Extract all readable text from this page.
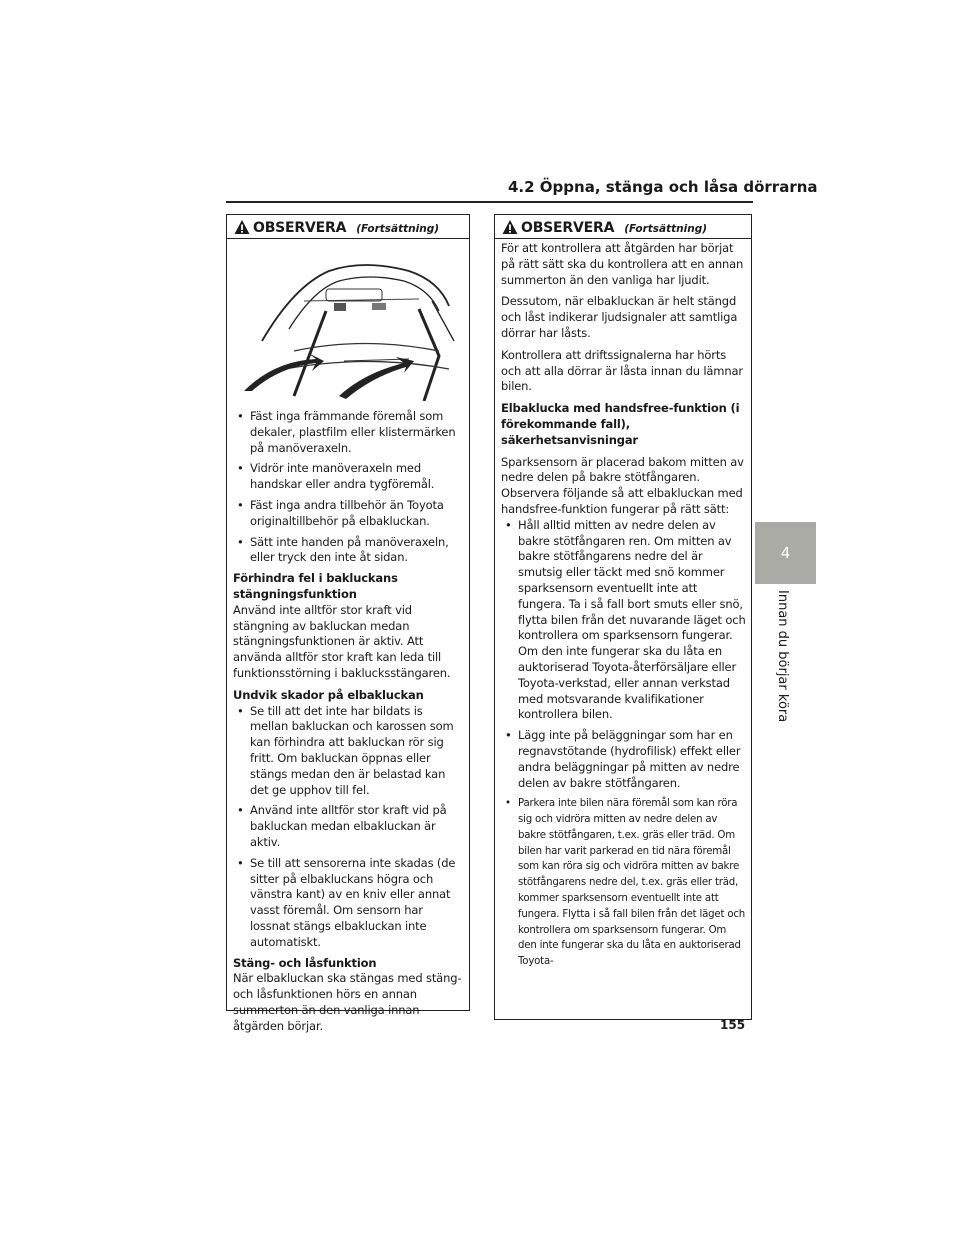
4.2 Öppna, stänga och låsa dörrarna
OBSERVERA (Fortsättning)
• Fäst inga främmande föremål som dekaler, plastfilm eller klistermärken på manöveraxeln.
• Vidrör inte manöveraxeln med handskar eller andra tygföremål.
• Fäst inga andra tillbehör än Toyota originaltillbehör på elbakluckan.
• Sätt inte handen på manöveraxeln, eller tryck den inte åt sidan.
Förhindra fel i bakluckans stängningsfunktion

Använd inte alltför stor kraft vid stängning av bakluckan medan stängningsfunktionen är aktiv. Att använda alltför stor kraft kan leda till funktionsstörning i baklucksstängaren.

Undvik skador på elbakluckan
• Se till att det inte har bildats is mellan bakluckan och karossen som kan förhindra att bakluckan rör sig fritt. Om bakluckan öppnas eller stängs medan den är belastad kan det ge upphov till fel.
• Använd inte alltför stor kraft vid på bakluckan medan elbakluckan är aktiv.
• Se till att sensorerna inte skadas (de sitter på elbakluckans högra och vänstra kant) av en kniv eller annat vasst föremål. Om sensorn har lossnat stängs elbakluckan inte automatiskt.
Stäng- och låsfunktion

När elbakluckan ska stängas med stäng- och låsfunktionen hörs en annan summerton än den vanliga innan åtgärden börjar.

OBSERVERA (Fortsättning)

För att kontrollera att åtgärden har börjat på rätt sätt ska du kontrollera att en annan summerton än den vanliga har ljudit.

Dessutom, när elbakluckan är helt stängd och låst indikerar ljudsignaler att samtliga dörrar har låsts.

Kontrollera att driftssignalerna har hörts och att alla dörrar är låsta innan du lämnar bilen.

Elbaklucka med handsfree-funktion (i förekommande fall), säkerhetsanvisningar

Sparksensorn är placerad bakom mitten av nedre delen på bakre stötfångaren. Observera följande så att elbakluckan med handsfree-funktion fungerar på rätt sätt:

• Håll alltid mitten av nedre delen av bakre stötfångaren ren. Om mitten av bakre stötfångarens nedre del är smutsig eller täckt med snö kommer sparksensorn eventuellt inte att fungera. Ta i så fall bort smuts eller snö, flytta bilen från det nuvarande läget och kontrollera om sparksensorn fungerar. Om den inte fungerar ska du låta en auktoriserad Toyota-återförsäljare eller Toyota-verkstad, eller annan verkstad med motsvarande kvalifikationer kontrollera bilen.
• Lägg inte på beläggningar som har en regnavstötande (hydrofilisk) effekt eller andra beläggningar på mitten av nedre delen av bakre stötfångaren.
• Parkera inte bilen nära föremål som kan röra sig och vidröra mitten av nedre delen av bakre stötfångaren, t.ex. gräs eller träd. Om bilen har varit parkerad en tid nära föremål som kan röra sig och vidröra mitten av bakre stötfångarens nedre del, t.ex. gräs eller träd, kommer sparksensorn eventuellt inte att fungera. Flytta i så fall bilen från det läget och kontrollera om sparksensorn fungerar. Om den inte fungerar ska du låta en auktoriserad Toyota-
4
Innan du börjar köra
155
